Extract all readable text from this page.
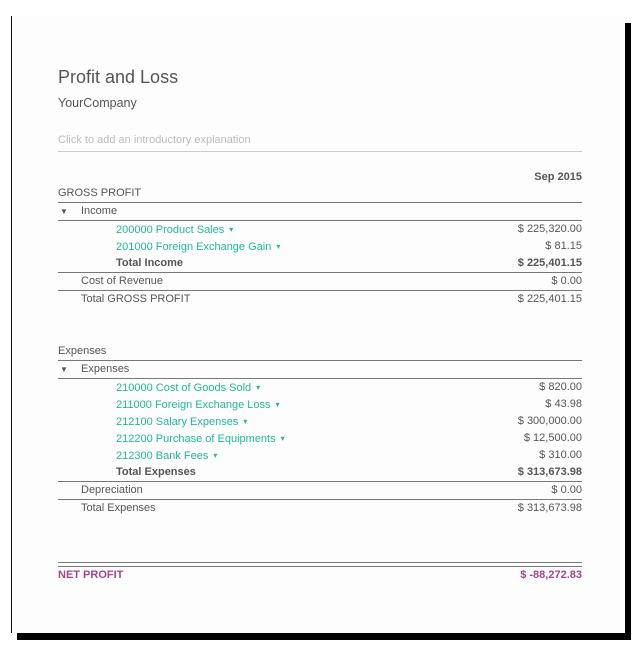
Profit and Loss
YourCompany
Click to add an introductory explanation
Sep 2015
GROSS PROFIT
▼ Income
200000 Product Sales ▾	$ 225,320.00
201000 Foreign Exchange Gain ▾	$ 81.15
Total Income	$ 225,401.15
Cost of Revenue	$ 0.00
Total GROSS PROFIT	$ 225,401.15
Expenses
▼ Expenses
210000 Cost of Goods Sold ▾	$ 820.00
211000 Foreign Exchange Loss ▾	$ 43.98
212100 Salary Expenses ▾	$ 300,000.00
212200 Purchase of Equipments ▾	$ 12,500.00
212300 Bank Fees ▾	$ 310.00
Total Expenses	$ 313,673.98
Depreciation	$ 0.00
Total Expenses	$ 313,673.98
NET PROFIT	$ -88,272.83
